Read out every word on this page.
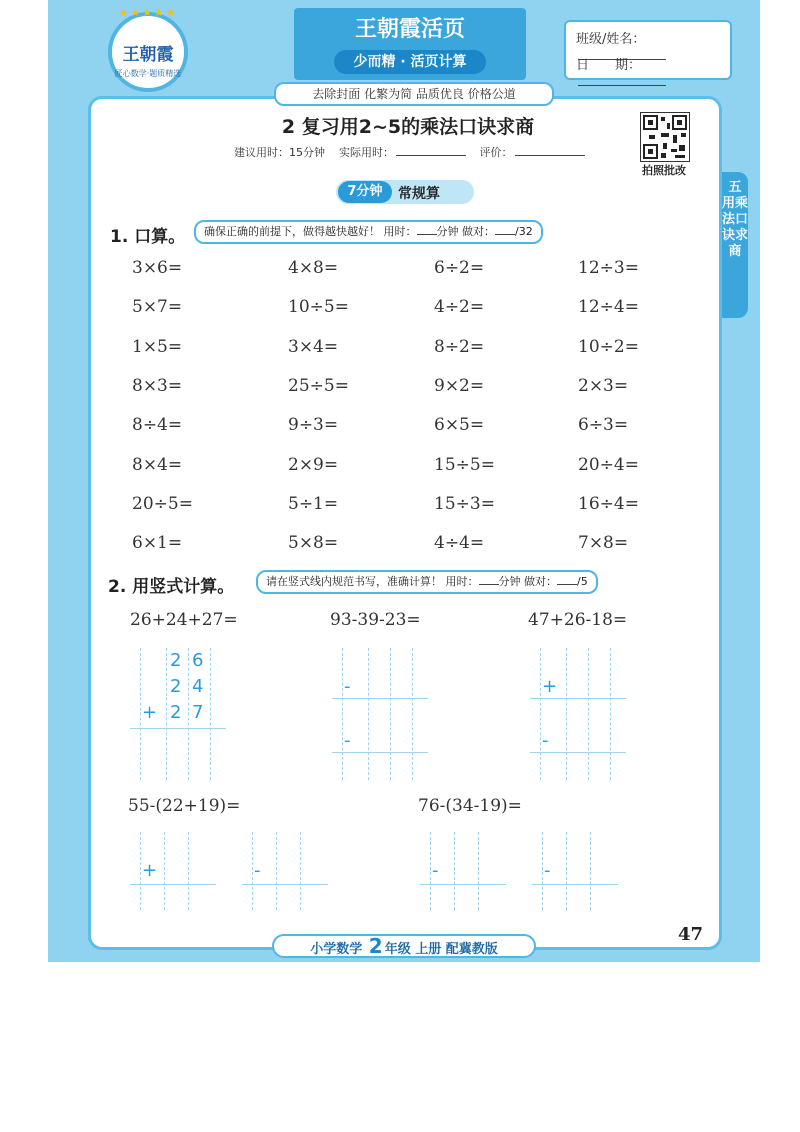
王朝霞
匠心数学·题质精选
★★★★★
王朝霞活页
少而精 · 活页计算
班级/姓名：
日　　期：
去除封面 化繁为简 品质优良 价格公道
2 复习用2~5的乘法口诀求商
建议用时：15分钟 实际用时：	评价：
拍照批改
五 用乘法口诀求商
7分钟	常规算
1. 口算。	确保正确的前提下，做得越快越好！ 用时： 分钟 做对： /32
3×6=	4×8=	6÷2=	12÷3=
5×7=	10÷5=	4÷2=	12÷4=
1×5=	3×4=	8÷2=	10÷2=
8×3=	25÷5=	9×2=	2×3=
8÷4=	9÷3=	6×5=	6÷3=
8×4=	2×9=	15÷5=	20÷4=
20÷5=	5÷1=	15÷3=	16÷4=
6×1=	5×8=	4÷4=	7×8=
2. 用竖式计算。	请在竖式线内规范书写，准确计算！ 用时： 分钟 做对： /5
26+24+27=	93-39-23=	47+26-18=
55-(22+19)=	76-(34-19)=
2 6
2 4
+ 2 7
-
-
+
-
+	-	-	-
小学数学 2 年级 上册 配冀教版
47
